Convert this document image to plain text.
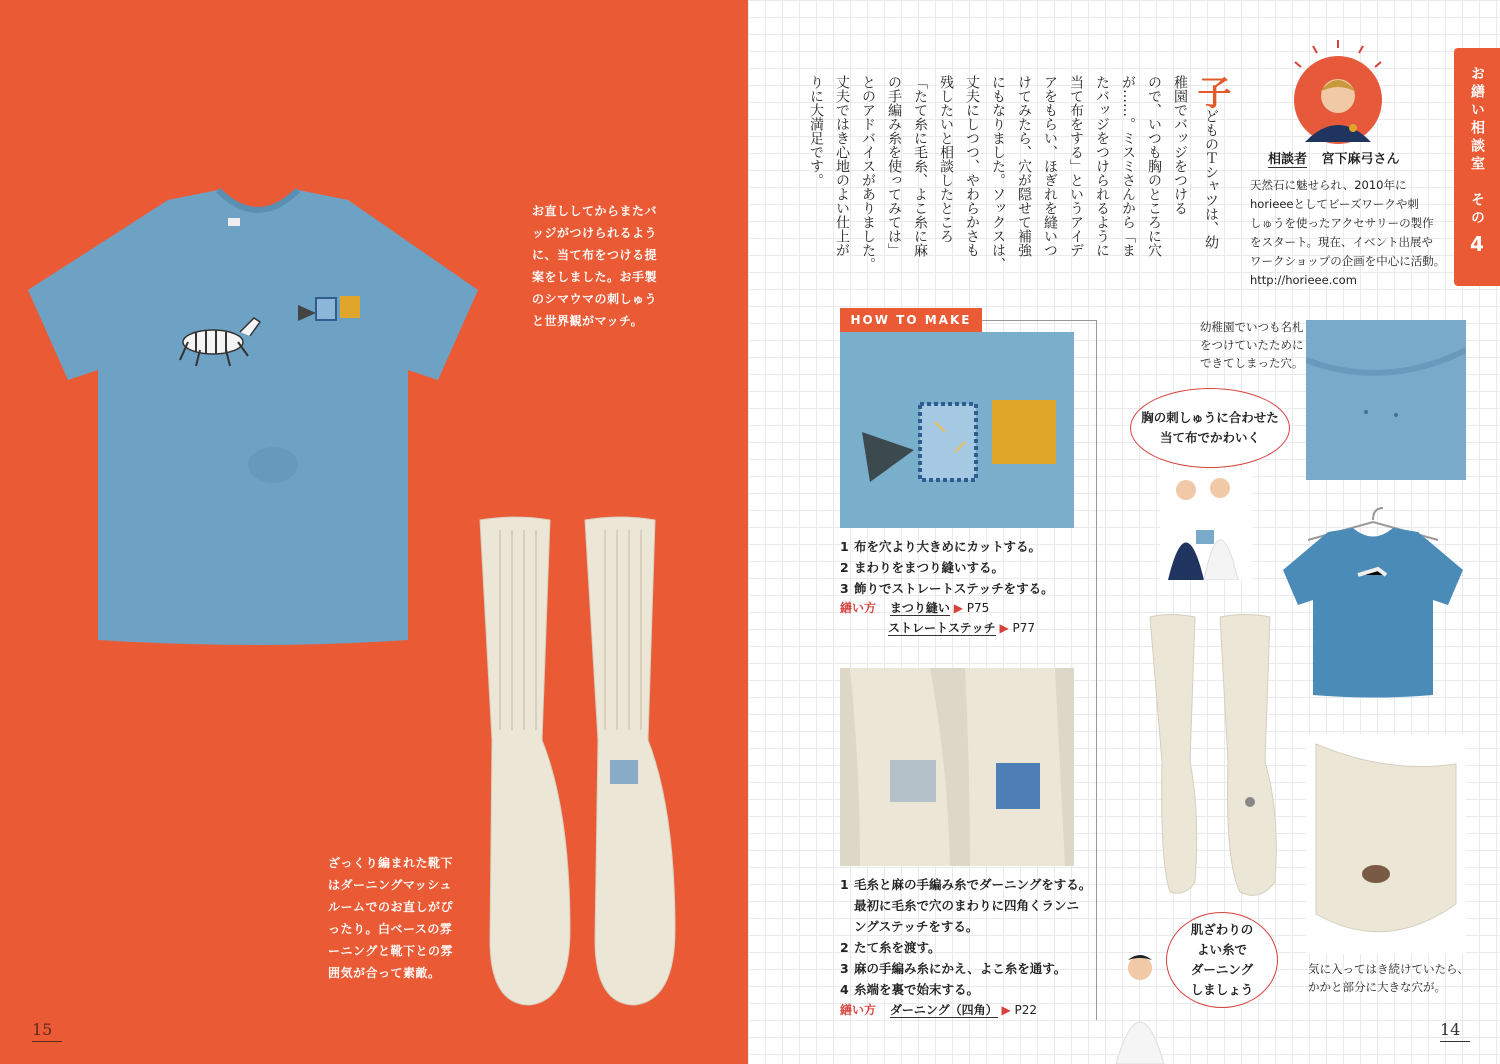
お直ししてからまたバ
ッジがつけられるよう
に、当て布をつける提
案をしました。お手製
のシマウマの刺しゅう
と世界観がマッチ。
ざっくり編まれた靴下
はダーニングマッシュ
ルームでのお直しがぴ
ったり。白ベースの雰
ーニングと靴下との雰
囲気が合って素敵。
15
お繕い相談室　その
4
相談者 宮下麻弓さん
天然石に魅せられ、2010年に
horieeeとしてビーズワークや刺
しゅうを使ったアクセサリーの製作
をスタート。現在、イベント出展や
ワークショップの企画を中心に活動。
http://horieee.com
子どものＴシャツは、幼
稚園でバッジをつける
ので、いつも胸のところに穴
が……。ミスミさんから「ま
たバッジをつけられるように
当て布をする」というアイデ
アをもらい、ほぎれを縫いつ
けてみたら、穴が隠せて補強
にもなりました。ソックスは、
丈夫にしつつ、やわらかさも
残したいと相談したところ
「たて糸に毛糸、よこ糸に麻
の手編み糸を使ってみては」
とのアドバイスがありました。
丈夫ではき心地のよい仕上が
りに大満足です。
HOW TO MAKE
1 布を穴より大きめにカットする。
2 まわりをまつり縫いする。
3 飾りでストレートステッチをする。
繕い方 まつり縫い ▶ P75
ストレートステッチ ▶ P77
1 毛糸と麻の手編み糸でダーニングをする。
最初に毛糸で穴のまわりに四角くランニ
ングステッチをする。
2 たて糸を渡す。
3 麻の手編み糸にかえ、よこ糸を通す。
4 糸端を裏で始末する。
繕い方 ダーニング（四角） ▶ P22
幼稚園でいつも名札
をつけていたために
できてしまった穴。
胸の刺しゅうに合わせた
当て布でかわいく
肌ざわりの
よい糸で
ダーニング
しましょう
気に入ってはき続けていたら、
かかと部分に大きな穴が。
14
